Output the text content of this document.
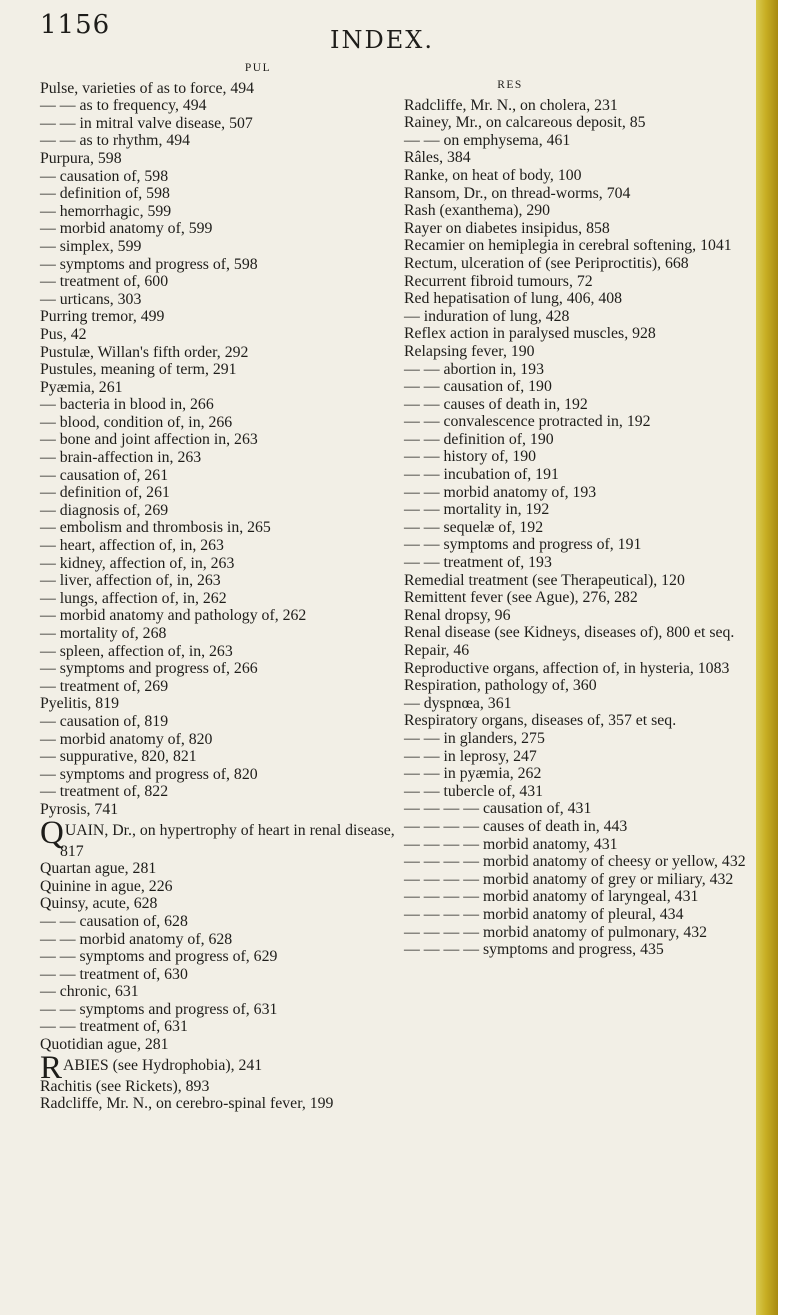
1156	INDEX.
PUL
Pulse, varieties of as to force, 494
— — as to frequency, 494
— — in mitral valve disease, 507
— — as to rhythm, 494
Purpura, 598
— causation of, 598
— definition of, 598
— hemorrhagic, 599
— morbid anatomy of, 599
— simplex, 599
— symptoms and progress of, 598
— treatment of, 600
— urticans, 303
Purring tremor, 499
Pus, 42
Pustulæ, Willan's fifth order, 292
Pustules, meaning of term, 291
Pyæmia, 261
— bacteria in blood in, 266
— blood, condition of, in, 266
— bone and joint affection in, 263
— brain-affection in, 263
— causation of, 261
— definition of, 261
— diagnosis of, 269
— embolism and thrombosis in, 265
— heart, affection of, in, 263
— kidney, affection of, in, 263
— liver, affection of, in, 263
— lungs, affection of, in, 262
— morbid anatomy and pathology of, 262
— mortality of, 268
— spleen, affection of, in, 263
— symptoms and progress of, 266
— treatment of, 269
Pyelitis, 819
— causation of, 819
— morbid anatomy of, 820
— suppurative, 820, 821
— symptoms and progress of, 820
— treatment of, 822
Pyrosis, 741
QUAIN, Dr., on hypertrophy of heart in renal disease, 817
Quartan ague, 281
Quinine in ague, 226
Quinsy, acute, 628
— — causation of, 628
— — morbid anatomy of, 628
— — symptoms and progress of, 629
— — treatment of, 630
— chronic, 631
— — symptoms and progress of, 631
— — treatment of, 631
Quotidian ague, 281
RABIES (see Hydrophobia), 241
Rachitis (see Rickets), 893
Radcliffe, Mr. N., on cerebro-spinal fever, 199
RES
Radcliffe, Mr. N., on cholera, 231
Rainey, Mr., on calcareous deposit, 85
— — on emphysema, 461
Râles, 384
Ranke, on heat of body, 100
Ransom, Dr., on thread-worms, 704
Rash (exanthema), 290
Rayer on diabetes insipidus, 858
Recamier on hemiplegia in cerebral softening, 1041
Rectum, ulceration of (see Periproctitis), 668
Recurrent fibroid tumours, 72
Red hepatisation of lung, 406, 408
— induration of lung, 428
Reflex action in paralysed muscles, 928
Relapsing fever, 190
— — abortion in, 193
— — causation of, 190
— — causes of death in, 192
— — convalescence protracted in, 192
— — definition of, 190
— — history of, 190
— — incubation of, 191
— — morbid anatomy of, 193
— — mortality in, 192
— — sequelæ of, 192
— — symptoms and progress of, 191
— — treatment of, 193
Remedial treatment (see Therapeutical), 120
Remittent fever (see Ague), 276, 282
Renal dropsy, 96
Renal disease (see Kidneys, diseases of), 800 et seq.
Repair, 46
Reproductive organs, affection of, in hysteria, 1083
Respiration, pathology of, 360
— dyspnœa, 361
Respiratory organs, diseases of, 357 et seq.
— — in glanders, 275
— — in leprosy, 247
— — in pyæmia, 262
— — tubercle of, 431
— — — — causation of, 431
— — — — causes of death in, 443
— — — — morbid anatomy, 431
— — — — morbid anatomy of cheesy or yellow, 432
— — — — morbid anatomy of grey or miliary, 432
— — — — morbid anatomy of laryngeal, 431
— — — — morbid anatomy of pleural, 434
— — — — morbid anatomy of pulmonary, 432
— — — — symptoms and progress, 435
